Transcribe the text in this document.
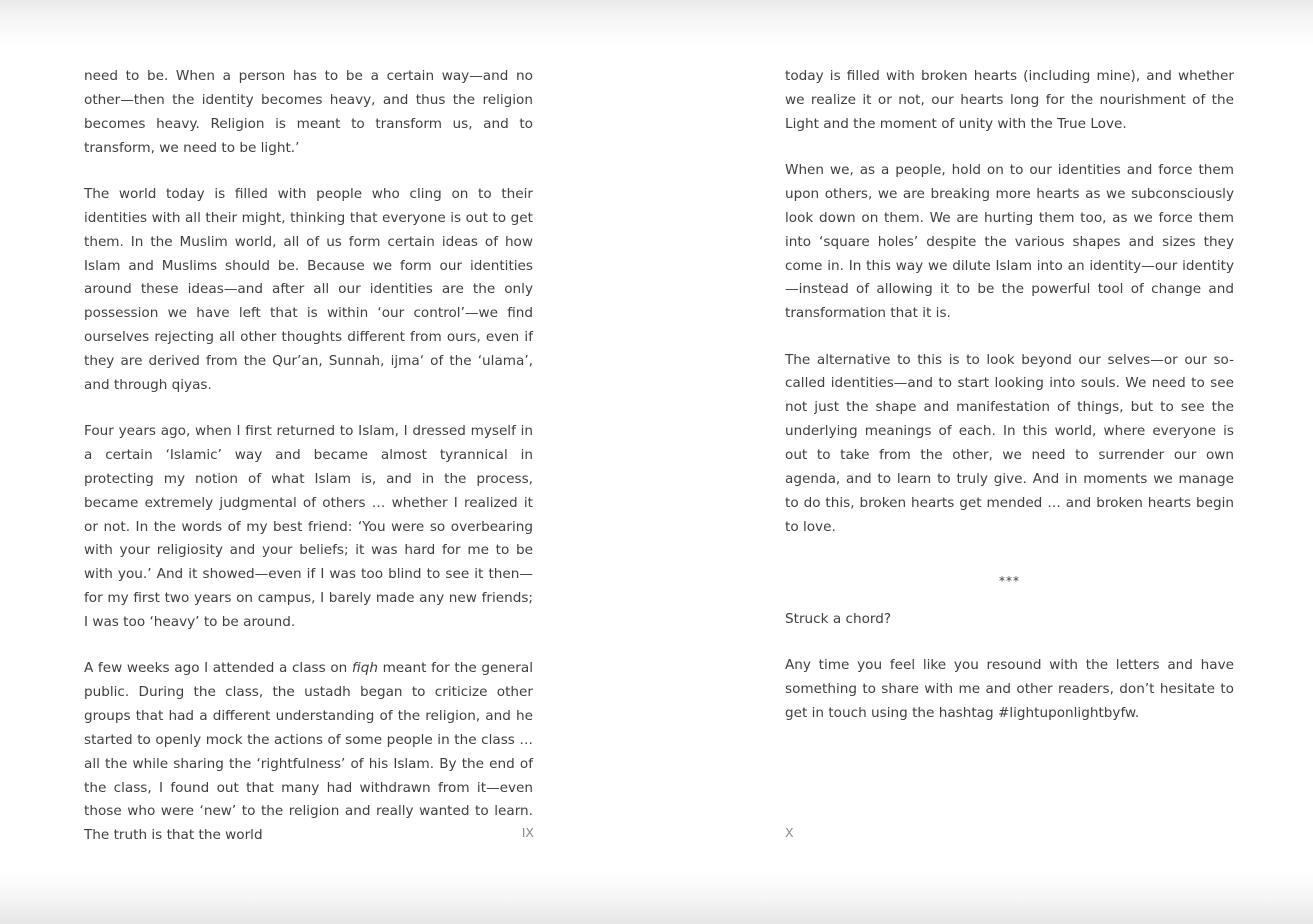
need to be. When a person has to be a certain way—and no other—then the identity becomes heavy, and thus the religion becomes heavy. Religion is meant to transform us, and to transform, we need to be light.’

The world today is filled with people who cling on to their identities with all their might, thinking that everyone is out to get them. In the Muslim world, all of us form certain ideas of how Islam and Muslims should be. Because we form our identities around these ideas—and after all our identities are the only possession we have left that is within ‘our control’—we find ourselves rejecting all other thoughts different from ours, even if they are derived from the Qur’an, Sunnah, ijma‘ of the ‘ulama’, and through qiyas.

Four years ago, when I first returned to Islam, I dressed myself in a certain ‘Islamic’ way and became almost tyrannical in protecting my notion of what Islam is, and in the process, became extremely judgmental of others … whether I realized it or not. In the words of my best friend: ‘You were so overbearing with your religiosity and your beliefs; it was hard for me to be with you.’ And it showed—even if I was too blind to see it then—for my first two years on campus, I barely made any new friends; I was too ‘heavy’ to be around.

A few weeks ago I attended a class on fiqh meant for the general public. During the class, the ustadh began to criticize other groups that had a different understanding of the religion, and he started to openly mock the actions of some people in the class … all the while sharing the ‘rightfulness’ of his Islam. By the end of the class, I found out that many had withdrawn from it—even those who were ‘new’ to the religion and really wanted to learn. The truth is that the world

today is filled with broken hearts (including mine), and whether we realize it or not, our hearts long for the nourishment of the Light and the moment of unity with the True Love.

When we, as a people, hold on to our identities and force them upon others, we are breaking more hearts as we subconsciously look down on them. We are hurting them too, as we force them into ‘square holes’ despite the various shapes and sizes they come in. In this way we dilute Islam into an identity—our identity—instead of allowing it to be the powerful tool of change and transformation that it is.

The alternative to this is to look beyond our selves—or our so-called identities—and to start looking into souls. We need to see not just the shape and manifestation of things, but to see the underlying meanings of each. In this world, where everyone is out to take from the other, we need to surrender our own agenda, and to learn to truly give. And in moments we manage to do this, broken hearts get mended … and broken hearts begin to love.

***

Struck a chord?

Any time you feel like you resound with the letters and have something to share with me and other readers, don’t hesitate to get in touch using the hashtag #lightuponlightbyfw.

IX	X
